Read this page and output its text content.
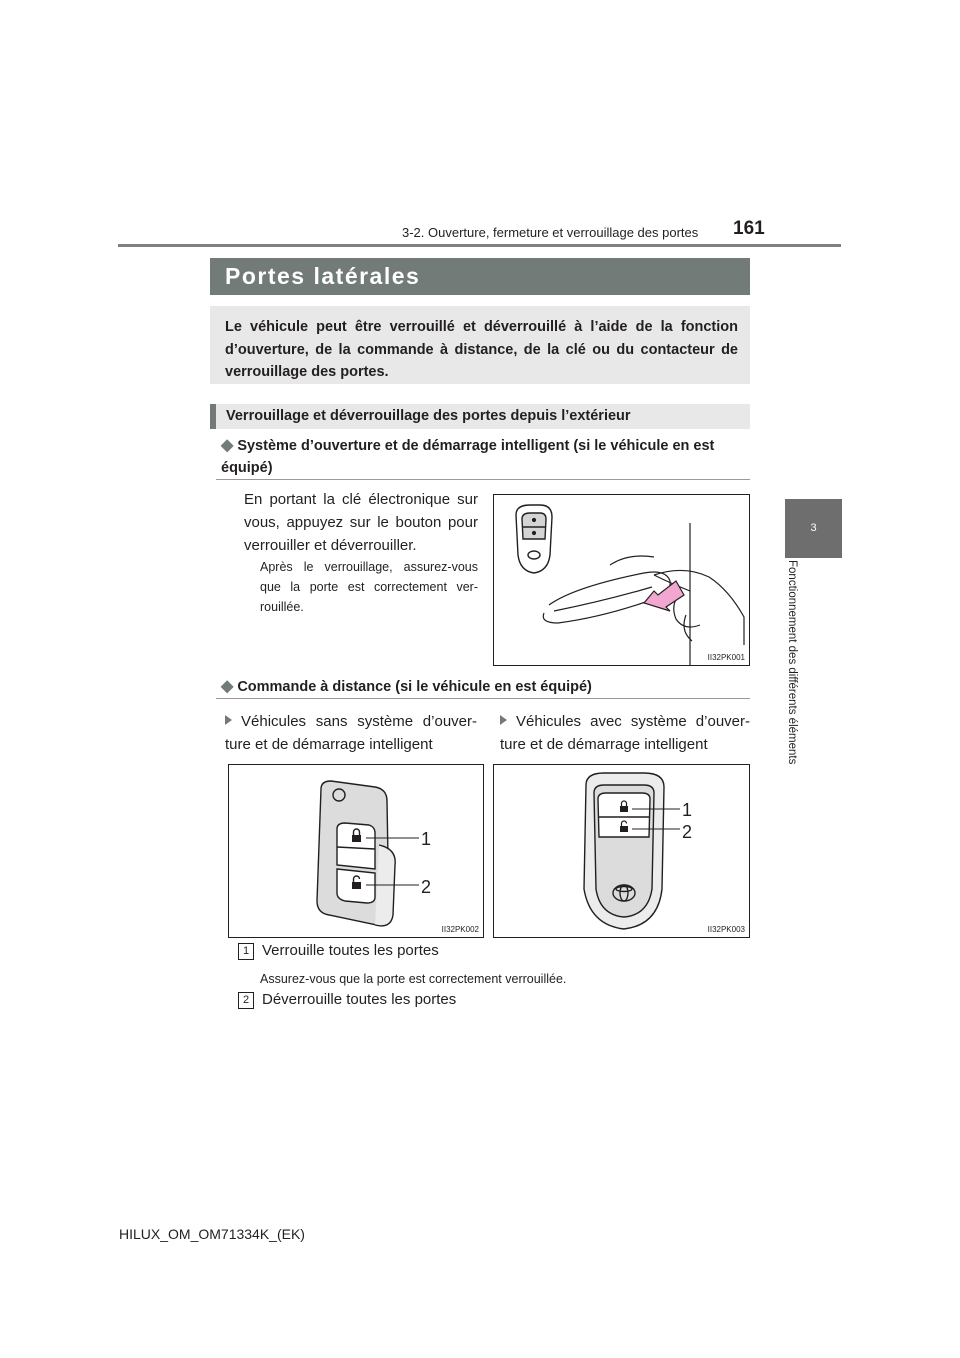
3-2. Ouverture, fermeture et verrouillage des portes 161
3
Fonctionnement des différents éléments
Portes latérales
Le véhicule peut être verrouillé et déverrouillé à l’aide de la fonction d’ouverture, de la commande à distance, de la clé ou du contacteur de verrouillage des portes.
Verrouillage et déverrouillage des portes depuis l’extérieur
◆ Système d’ouverture et de démarrage intelligent (si le véhicule en est équipé)
En portant la clé électronique sur vous, appuyez sur le bouton pour verrouiller et déverrouiller.
Après le verrouillage, assurez-vous que la porte est correctement ver-rouillée.
II32PK001
◆ Commande à distance (si le véhicule en est équipé)
Véhicules sans système d’ouver-ture et de démarrage intelligent
Véhicules avec système d’ouver-ture et de démarrage intelligent
1
2
II32PK002
1
2
II32PK003
1 Verrouille toutes les portes
Assurez-vous que la porte est correctement verrouillée.
2 Déverrouille toutes les portes
HILUX_OM_OM71334K_(EK)
